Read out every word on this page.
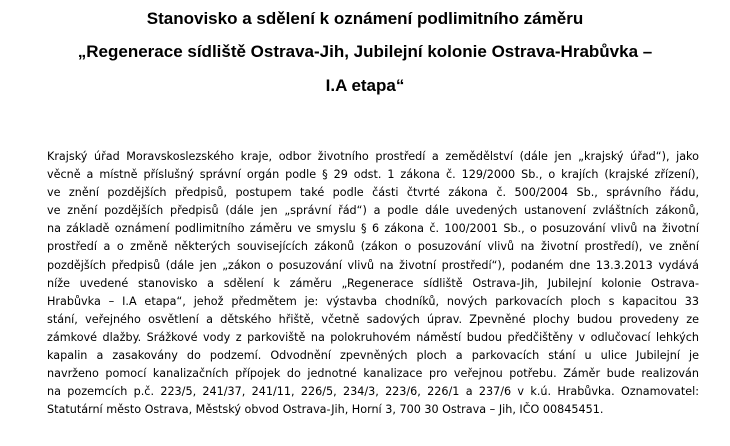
Stanovisko a sdělení k oznámení podlimitního záměru
„Regenerace sídliště Ostrava-Jih, Jubilejní kolonie Ostrava-Hrabůvka –
I.A etapa“
Krajský úřad Moravskoslezského kraje, odbor životního prostředí a zemědělství (dále jen „krajský úřad“), jako
věcně a místně příslušný správní orgán podle § 29 odst. 1 zákona č. 129/2000 Sb., o krajích (krajské zřízení),
ve znění pozdějších předpisů, postupem také podle části čtvrté zákona č. 500/2004 Sb., správního řádu,
ve znění pozdějších předpisů (dále jen „správní řád“) a podle dále uvedených ustanovení zvláštních zákonů,
na základě oznámení podlimitního záměru ve smyslu § 6 zákona č. 100/2001 Sb., o posuzování vlivů na životní
prostředí a o změně některých souvisejících zákonů (zákon o posuzování vlivů na životní prostředí), ve znění
pozdějších předpisů (dále jen „zákon o posuzování vlivů na životní prostředí“), podaném dne 13.3.2013 vydává
níže uvedené stanovisko a sdělení k záměru „Regenerace sídliště Ostrava-Jih, Jubilejní kolonie Ostrava-
Hrabůvka – I.A etapa“, jehož předmětem je: výstavba chodníků, nových parkovacích ploch s kapacitou 33
stání, veřejného osvětlení a dětského hřiště, včetně sadových úprav. Zpevněné plochy budou provedeny ze
zámkové dlažby. Srážkové vody z parkoviště na polokruhovém náměstí budou předčištěny v odlučovací lehkých
kapalin a zasakovány do podzemí. Odvodnění zpevněných ploch a parkovacích stání u ulice Jubilejní je
navrženo pomocí kanalizačních přípojek do jednotné kanalizace pro veřejnou potřebu. Záměr bude realizován
na pozemcích p.č. 223/5, 241/37, 241/11, 226/5, 234/3, 223/6, 226/1 a 237/6 v k.ú. Hrabůvka. Oznamovatel:
Statutární město Ostrava, Městský obvod Ostrava-Jih, Horní 3, 700 30 Ostrava – Jih, IČO 00845451.
